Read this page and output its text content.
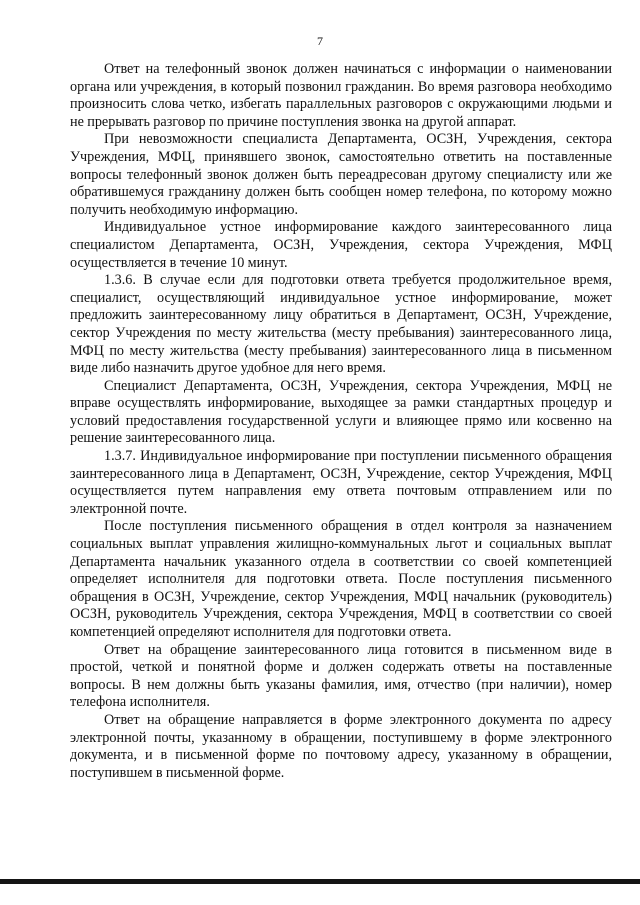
7

Ответ на телефонный звонок должен начинаться с информации о наименовании органа или учреждения, в который позвонил гражданин. Во время разговора необходимо произносить слова четко, избегать параллельных разговоров с окружающими людьми и не прерывать разговор по причине поступления звонка на другой аппарат.

При невозможности специалиста Департамента, ОСЗН, Учреждения, сектора Учреждения, МФЦ, принявшего звонок, самостоятельно ответить на поставленные вопросы телефонный звонок должен быть переадресован другому специалисту или же обратившемуся гражданину должен быть сообщен номер телефона, по которому можно получить необходимую информацию.

Индивидуальное устное информирование каждого заинтересованного лица специалистом Департамента, ОСЗН, Учреждения, сектора Учреждения, МФЦ осуществляется в течение 10 минут.

1.3.6. В случае если для подготовки ответа требуется продолжительное время, специалист, осуществляющий индивидуальное устное информирование, может предложить заинтересованному лицу обратиться в Департамент, ОСЗН, Учреждение, сектор Учреждения по месту жительства (месту пребывания) заинтересованного лица, МФЦ по месту жительства (месту пребывания) заинтересованного лица в письменном виде либо назначить другое удобное для него время.

Специалист Департамента, ОСЗН, Учреждения, сектора Учреждения, МФЦ не вправе осуществлять информирование, выходящее за рамки стандартных процедур и условий предоставления государственной услуги и влияющее прямо или косвенно на решение заинтересованного лица.

1.3.7. Индивидуальное информирование при поступлении письменного обращения заинтересованного лица в Департамент, ОСЗН, Учреждение, сектор Учреждения, МФЦ осуществляется путем направления ему ответа почтовым отправлением или по электронной почте.

После поступления письменного обращения в отдел контроля за назначением социальных выплат управления жилищно-коммунальных льгот и социальных выплат Департамента начальник указанного отдела в соответствии со своей компетенцией определяет исполнителя для подготовки ответа. После поступления письменного обращения в ОСЗН, Учреждение, сектор Учреждения, МФЦ начальник (руководитель) ОСЗН, руководитель Учреждения, сектора Учреждения, МФЦ в соответствии со своей компетенцией определяют исполнителя для подготовки ответа.

Ответ на обращение заинтересованного лица готовится в письменном виде в простой, четкой и понятной форме и должен содержать ответы на поставленные вопросы. В нем должны быть указаны фамилия, имя, отчество (при наличии), номер телефона исполнителя.

Ответ на обращение направляется в форме электронного документа по адресу электронной почты, указанному в обращении, поступившему в форме электронного документа, и в письменной форме по почтовому адресу, указанному в обращении, поступившем в письменной форме.
